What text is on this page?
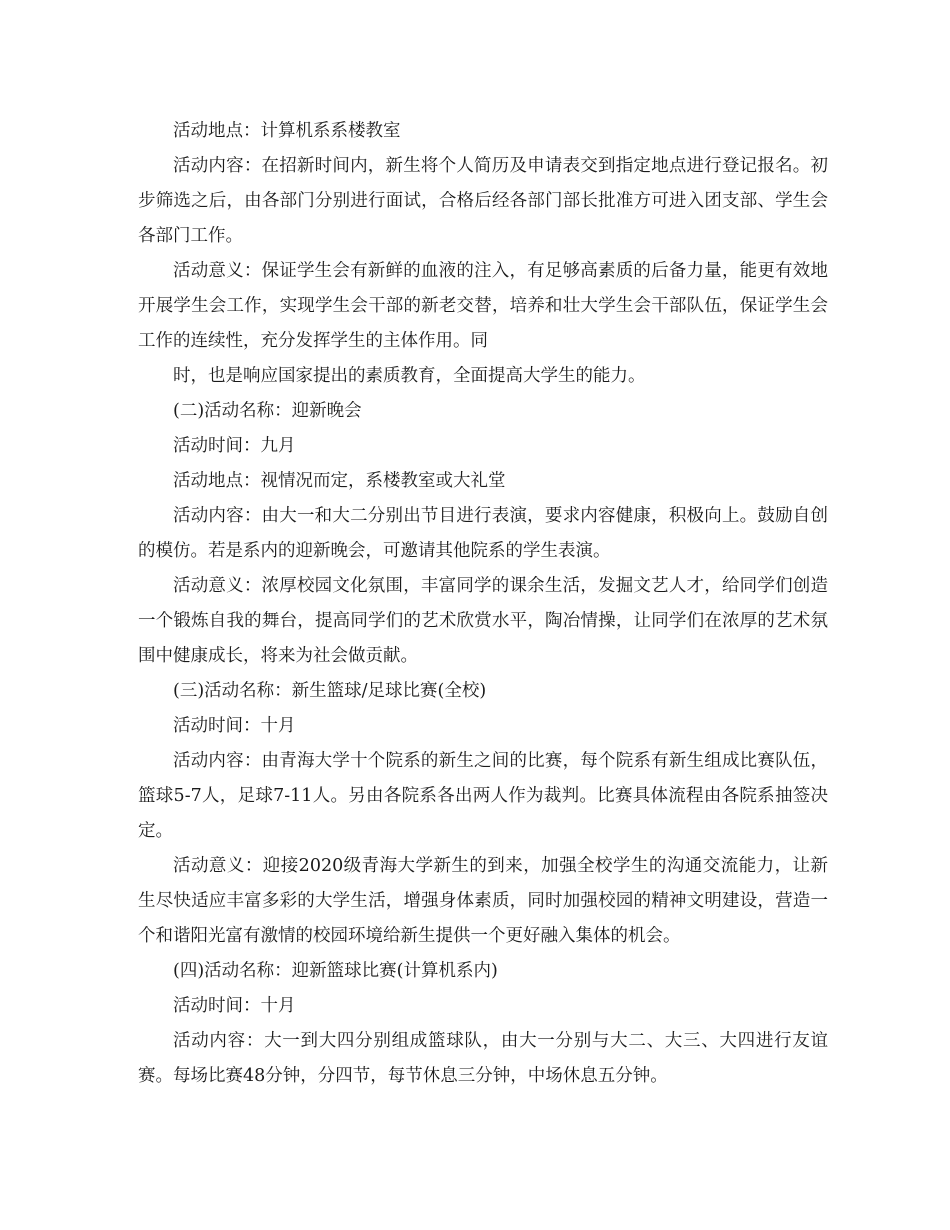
活动地点：计算机系系楼教室

活动内容：在招新时间内，新生将个人简历及申请表交到指定地点进行登记报名。初步筛选之后，由各部门分别进行面试，合格后经各部门部长批准方可进入团支部、学生会各部门工作。

活动意义：保证学生会有新鲜的血液的注入，有足够高素质的后备力量，能更有效地开展学生会工作，实现学生会干部的新老交替，培养和壮大学生会干部队伍，保证学生会工作的连续性，充分发挥学生的主体作用。同

时，也是响应国家提出的素质教育，全面提高大学生的能力。

(二)活动名称：迎新晚会

活动时间：九月

活动地点：视情况而定，系楼教室或大礼堂

活动内容：由大一和大二分别出节目进行表演，要求内容健康，积极向上。鼓励自创的模仿。若是系内的迎新晚会，可邀请其他院系的学生表演。

活动意义：浓厚校园文化氛围，丰富同学的课余生活，发掘文艺人才，给同学们创造一个锻炼自我的舞台，提高同学们的艺术欣赏水平，陶冶情操，让同学们在浓厚的艺术氛围中健康成长，将来为社会做贡献。

(三)活动名称：新生篮球/足球比赛(全校)

活动时间：十月

活动内容：由青海大学十个院系的新生之间的比赛，每个院系有新生组成比赛队伍，篮球5-7人，足球7-11人。另由各院系各出两人作为裁判。比赛具体流程由各院系抽签决定。

活动意义：迎接2020级青海大学新生的到来，加强全校学生的沟通交流能力，让新生尽快适应丰富多彩的大学生活，增强身体素质，同时加强校园的精神文明建设，营造一个和谐阳光富有激情的校园环境给新生提供一个更好融入集体的机会。

(四)活动名称：迎新篮球比赛(计算机系内)

活动时间：十月

活动内容：大一到大四分别组成篮球队，由大一分别与大二、大三、大四进行友谊赛。每场比赛48分钟，分四节，每节休息三分钟，中场休息五分钟。
